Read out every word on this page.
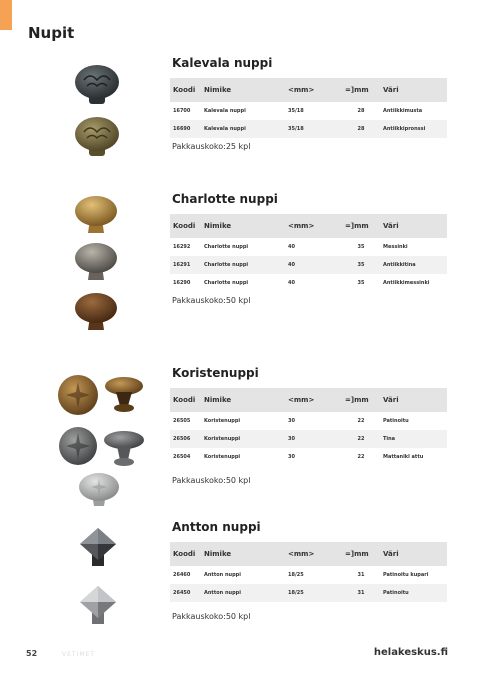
Nupit
Kalevala nuppi
Koodi	Nimike	<mm>	=]mm	Väri
16700	Kalevala nuppi	35/18	28	Antiikkimusta
16690	Kalevala nuppi	35/18	28	Antiikkipronssi
Pakkauskoko:25 kpl
Charlotte nuppi
Koodi	Nimike	<mm>	=]mm	Väri
16292	Charlotte nuppi	40	35	Messinki
16291	Charlotte nuppi	40	35	Antiikkitina
16290	Charlotte nuppi	40	35	Antiikkimessinki
Pakkauskoko:50 kpl
Koristenuppi
Koodi	Nimike	<mm>	=]mm	Väri
26505	Koristenuppi	30	22	Patinoitu
26506	Koristenuppi	30	22	Tina
26504	Koristenuppi	30	22	Mattanikl attu
Pakkauskoko:50 kpl
Antton nuppi
Koodi	Nimike	<mm>	=]mm	Väri
26460	Antton nuppi	18/25	31	Patinoitu kupari
26450	Antton nuppi	18/25	31	Patinoitu
Pakkauskoko:50 kpl
52	VETIMET	helakeskus.fi
